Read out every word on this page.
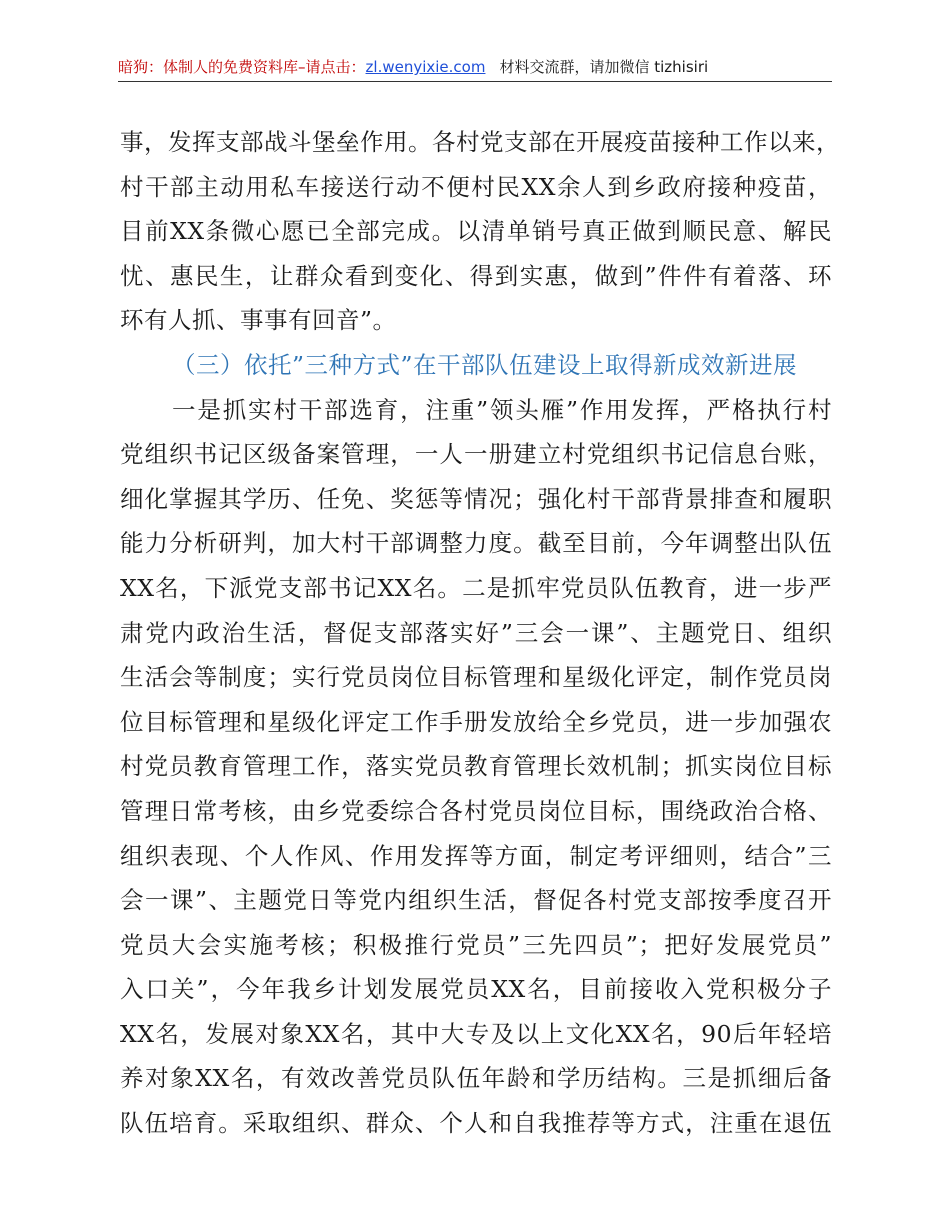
暗狗：体制人的免费资料库–请点击：zl.wenyixie.com 材料交流群，请加微信 tizhisiri
事，发挥支部战斗堡垒作用。各村党支部在开展疫苗接种工作以来，
村干部主动用私车接送行动不便村民XX余人到乡政府接种疫苗，
目前XX条微心愿已全部完成。以清单销号真正做到顺民意、解民
忧、惠民生，让群众看到变化、得到实惠，做到”件件有着落、环
环有人抓、事事有回音”。
（三）依托”三种方式”在干部队伍建设上取得新成效新进展
一是抓实村干部选育，注重”领头雁”作用发挥，严格执行村
党组织书记区级备案管理，一人一册建立村党组织书记信息台账，
细化掌握其学历、任免、奖惩等情况；强化村干部背景排查和履职
能力分析研判，加大村干部调整力度。截至目前，今年调整出队伍
XX名，下派党支部书记XX名。二是抓牢党员队伍教育，进一步严
肃党内政治生活，督促支部落实好”三会一课”、主题党日、组织
生活会等制度；实行党员岗位目标管理和星级化评定，制作党员岗
位目标管理和星级化评定工作手册发放给全乡党员，进一步加强农
村党员教育管理工作，落实党员教育管理长效机制；抓实岗位目标
管理日常考核，由乡党委综合各村党员岗位目标，围绕政治合格、
组织表现、个人作风、作用发挥等方面，制定考评细则，结合”三
会一课”、主题党日等党内组织生活，督促各村党支部按季度召开
党员大会实施考核；积极推行党员”三先四员”；把好发展党员”
入口关”，今年我乡计划发展党员XX名，目前接收入党积极分子
XX名，发展对象XX名，其中大专及以上文化XX名，90后年轻培
养对象XX名，有效改善党员队伍年龄和学历结构。三是抓细后备
队伍培育。采取组织、群众、个人和自我推荐等方式，注重在退伍
